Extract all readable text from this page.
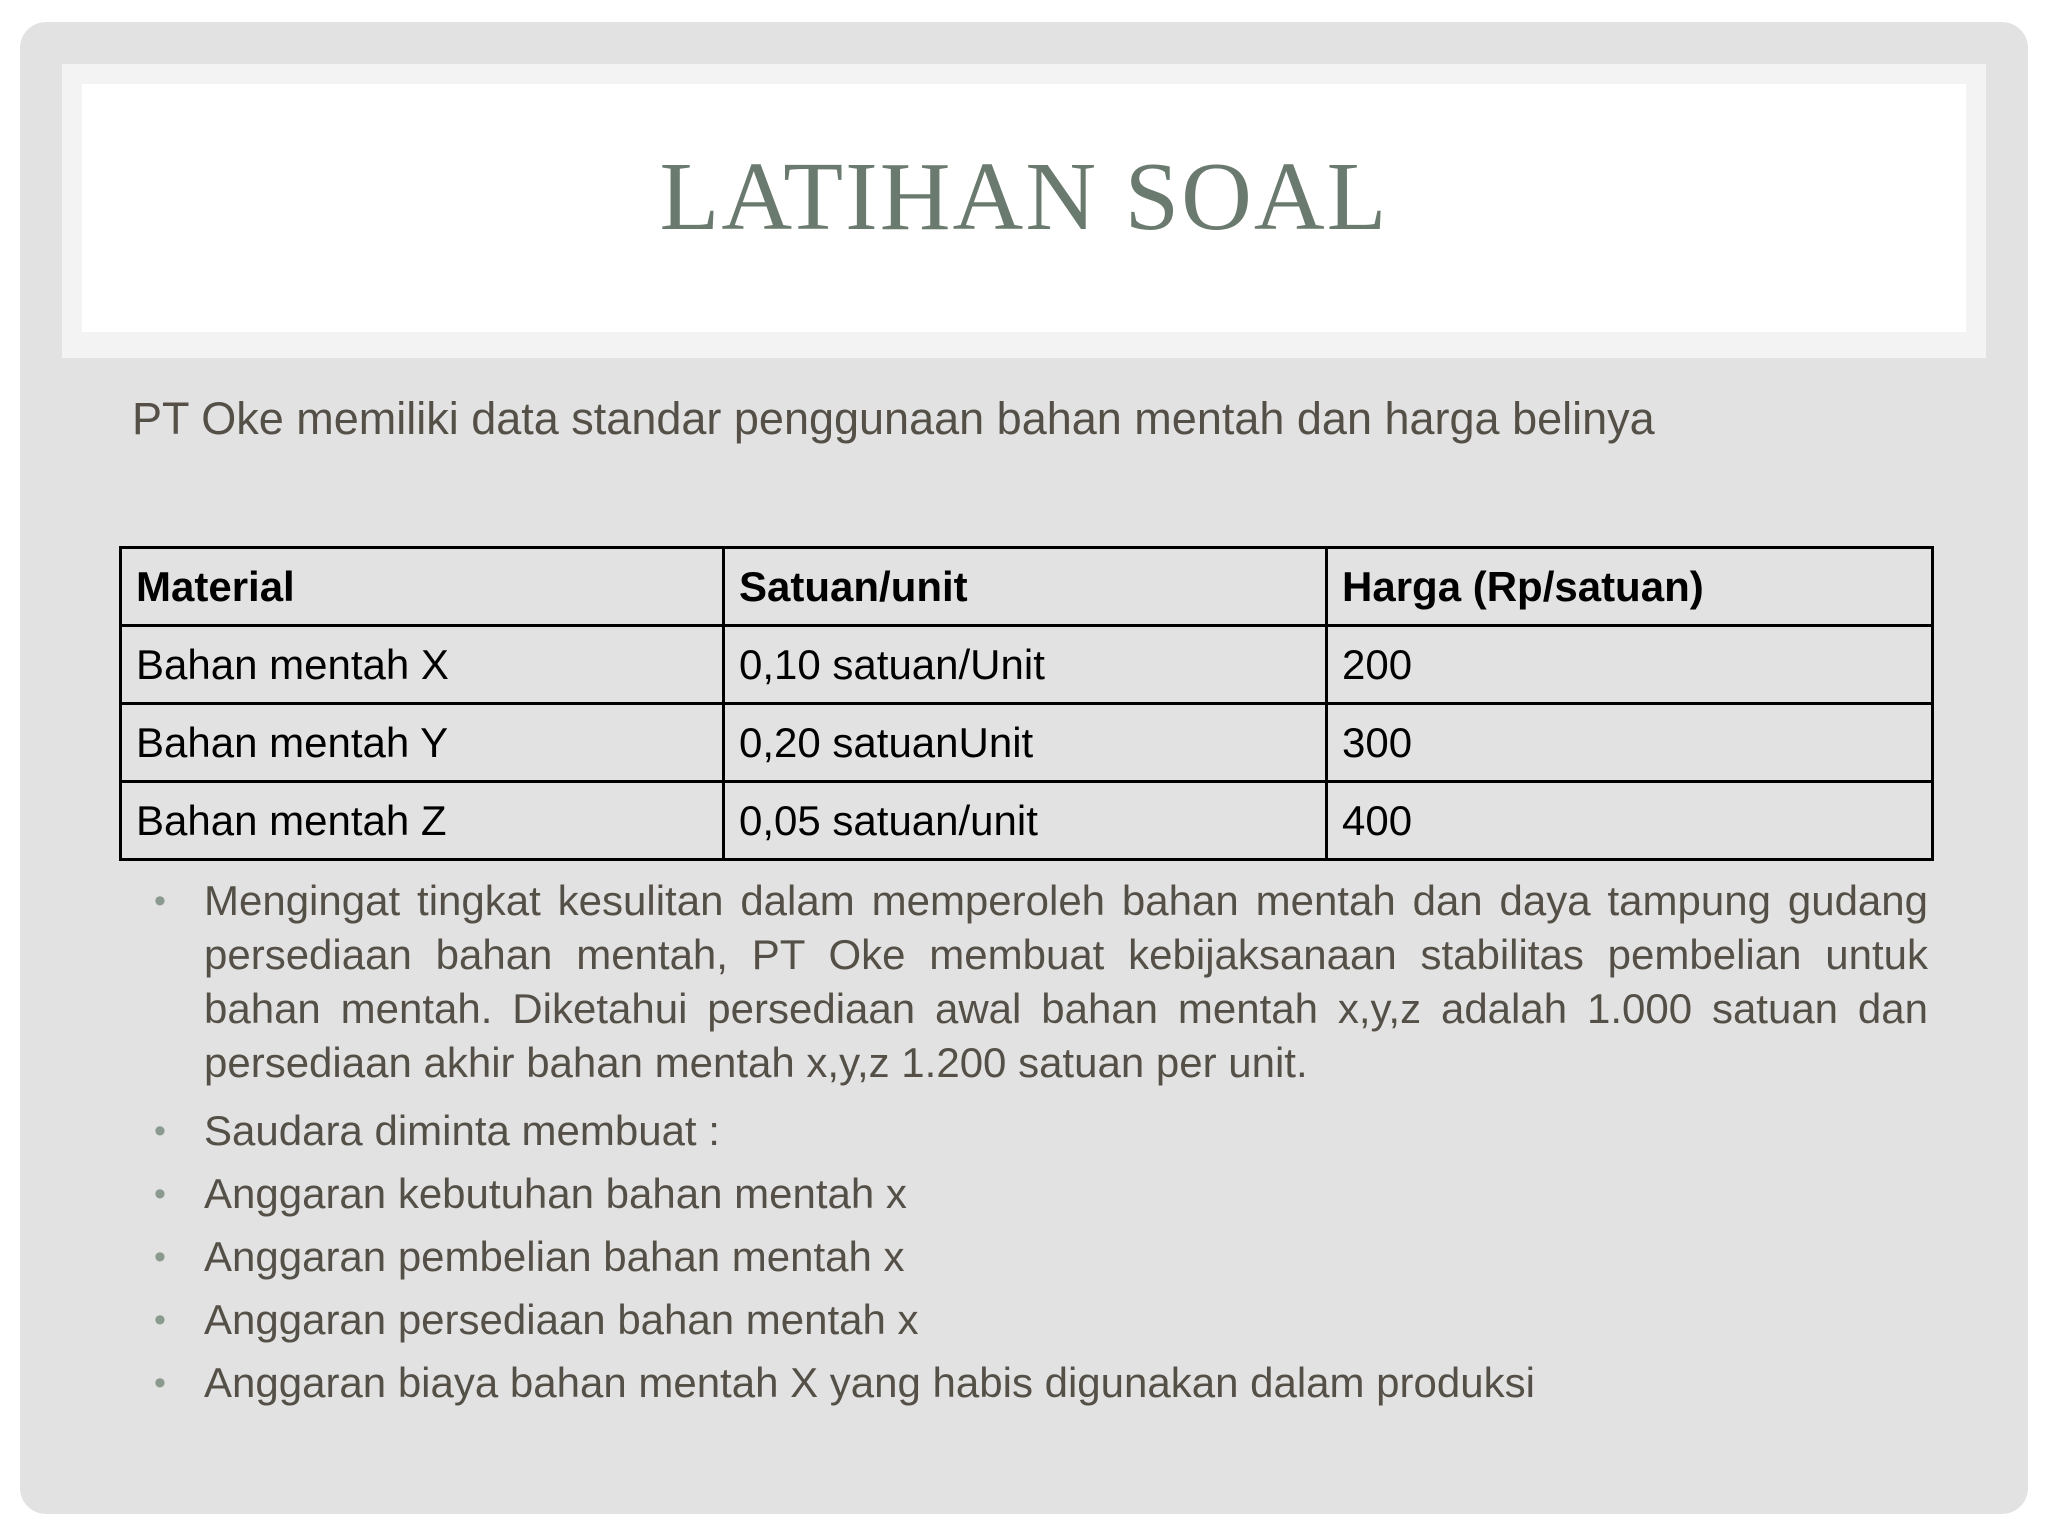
LATIHAN SOAL
PT Oke memiliki data standar penggunaan bahan mentah dan harga belinya
Material	Satuan/unit	Harga (Rp/satuan)
Bahan mentah X	0,10 satuan/Unit	200
Bahan mentah Y	0,20 satuanUnit	300
Bahan mentah Z	0,05 satuan/unit	400
• Mengingat tingkat kesulitan dalam memperoleh bahan mentah dan daya tampung gudang persediaan bahan mentah, PT Oke membuat kebijaksanaan stabilitas pembelian untuk bahan mentah. Diketahui persediaan awal bahan mentah x,y,z adalah 1.000 satuan dan persediaan akhir bahan mentah x,y,z 1.200 satuan per unit.
• Saudara diminta membuat :
• Anggaran kebutuhan bahan mentah x
• Anggaran pembelian bahan mentah x
• Anggaran persediaan bahan mentah x
• Anggaran biaya bahan mentah X yang habis digunakan dalam produksi
